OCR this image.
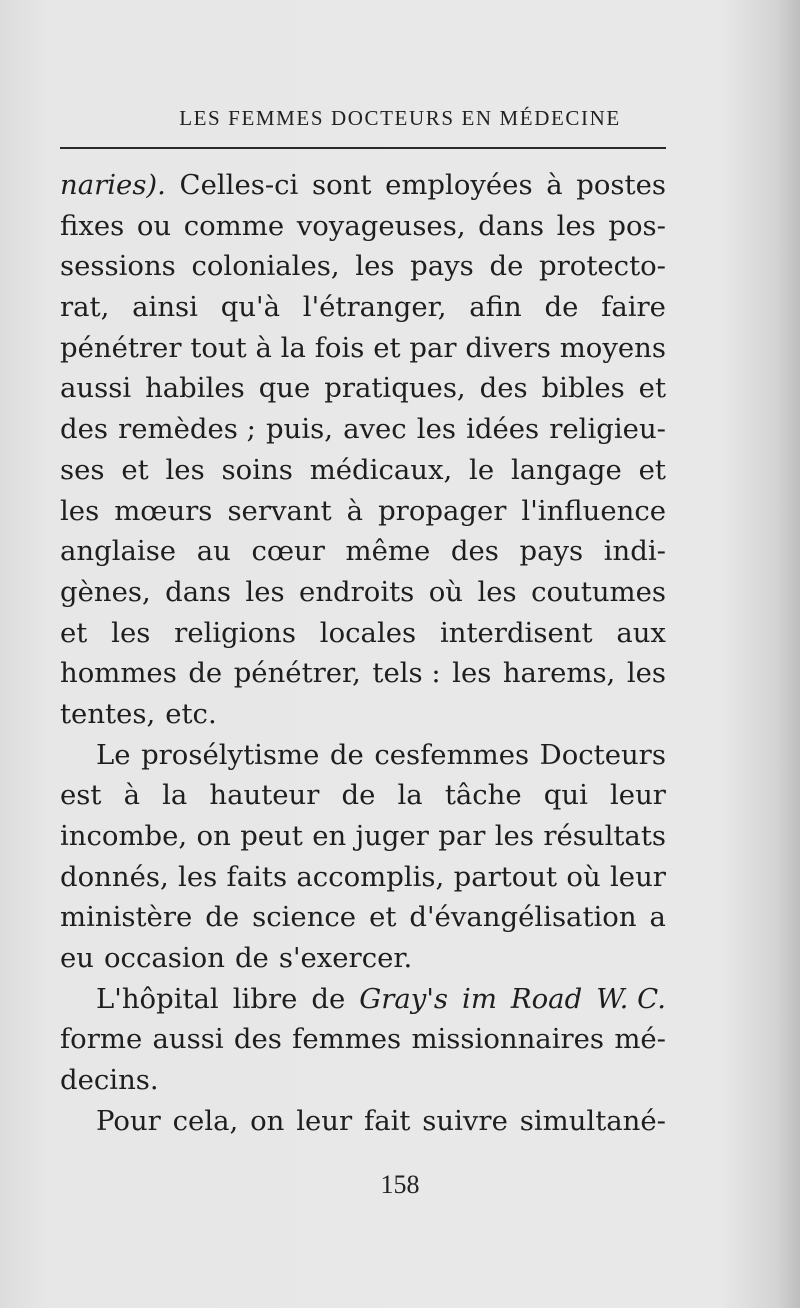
LES FEMMES DOCTEURS EN MÉDECINE
naries). Celles-ci sont employées à postes
fixes ou comme voyageuses, dans les pos-
sessions coloniales, les pays de protecto-
rat, ainsi qu'à l'étranger, afin de faire
pénétrer tout à la fois et par divers moyens
aussi habiles que pratiques, des bibles et
des remèdes ; puis, avec les idées religieu-
ses et les soins médicaux, le langage et
les mœurs servant à propager l'influence
anglaise au cœur même des pays indi-
gènes, dans les endroits où les coutumes
et les religions locales interdisent aux
hommes de pénétrer, tels : les harems, les
tentes, etc.
Le prosélytisme de cesfemmes Docteurs
est à la hauteur de la tâche qui leur
incombe, on peut en juger par les résultats
donnés, les faits accomplis, partout où leur
ministère de science et d'évangélisation a
eu occasion de s'exercer.
L'hôpital libre de Gray's im Road W. C.
forme aussi des femmes missionnaires mé-
decins.
Pour cela, on leur fait suivre simultané-
158
